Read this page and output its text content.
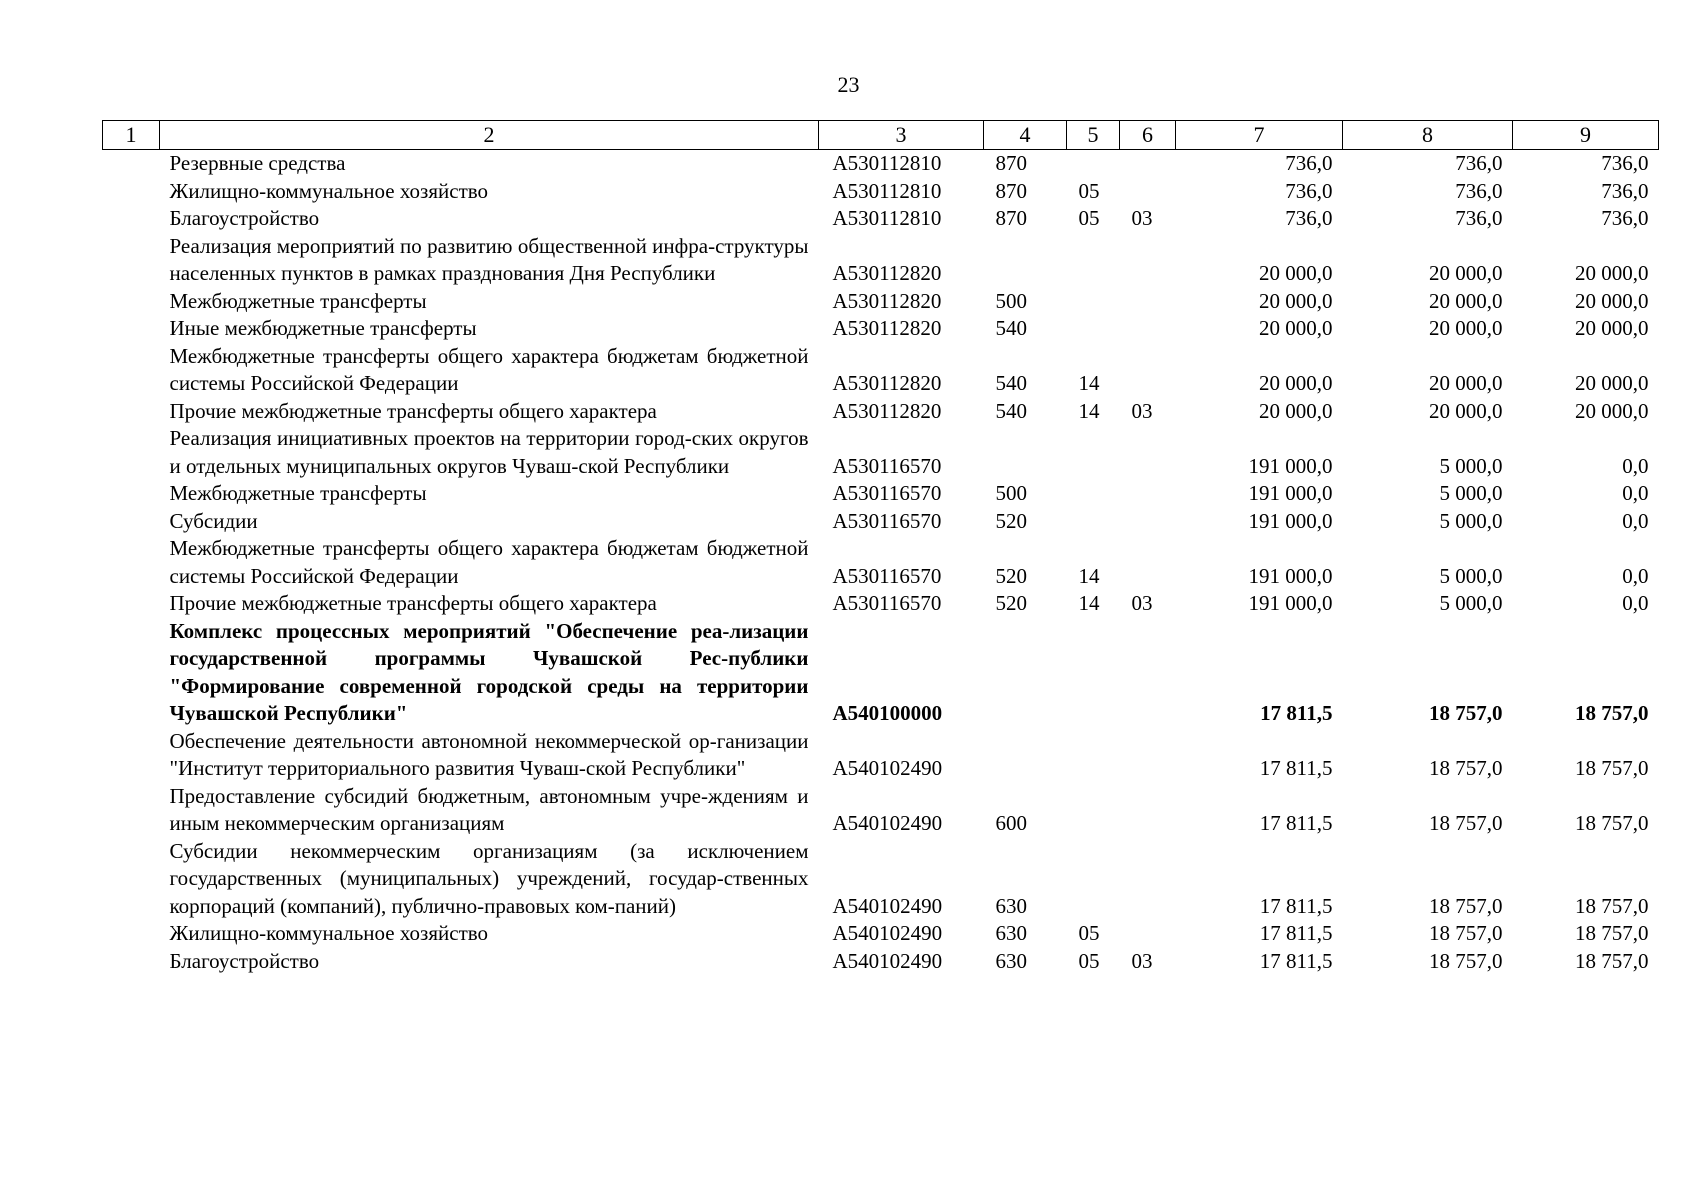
23
1	2	3	4	5	6	7	8	9
	Резервные средства	А530112810	870			736,0	736,0	736,0
	Жилищно-коммунальное хозяйство	А530112810	870	05		736,0	736,0	736,0
	Благоустройство	А530112810	870	05	03	736,0	736,0	736,0
	Реализация мероприятий по развитию общественной инфра-структуры населенных пунктов в рамках празднования Дня Республики	А530112820				20 000,0	20 000,0	20 000,0
	Межбюджетные трансферты	А530112820	500			20 000,0	20 000,0	20 000,0
	Иные межбюджетные трансферты	А530112820	540			20 000,0	20 000,0	20 000,0
	Межбюджетные трансферты общего характера бюджетам бюджетной системы Российской Федерации	А530112820	540	14		20 000,0	20 000,0	20 000,0
	Прочие межбюджетные трансферты общего характера	А530112820	540	14	03	20 000,0	20 000,0	20 000,0
	Реализация инициативных проектов на территории город-ских округов и отдельных муниципальных округов Чуваш-ской Республики	А530116570				191 000,0	5 000,0	0,0
	Межбюджетные трансферты	А530116570	500			191 000,0	5 000,0	0,0
	Субсидии	А530116570	520			191 000,0	5 000,0	0,0
	Межбюджетные трансферты общего характера бюджетам бюджетной системы Российской Федерации	А530116570	520	14		191 000,0	5 000,0	0,0
	Прочие межбюджетные трансферты общего характера	А530116570	520	14	03	191 000,0	5 000,0	0,0
	Комплекс процессных мероприятий "Обеспечение реа-лизации государственной программы Чувашской Рес-публики "Формирование современной городской среды на территории Чувашской Республики"	А540100000				17 811,5	18 757,0	18 757,0
	Обеспечение деятельности автономной некоммерческой ор-ганизации "Институт территориального развития Чуваш-ской Республики"	А540102490				17 811,5	18 757,0	18 757,0
	Предоставление субсидий бюджетным, автономным учре-ждениям и иным некоммерческим организациям	А540102490	600			17 811,5	18 757,0	18 757,0
	Субсидии некоммерческим организациям (за исключением государственных (муниципальных) учреждений, государ-ственных корпораций (компаний), публично-правовых ком-паний)	А540102490	630			17 811,5	18 757,0	18 757,0
	Жилищно-коммунальное хозяйство	А540102490	630	05		17 811,5	18 757,0	18 757,0
	Благоустройство	А540102490	630	05	03	17 811,5	18 757,0	18 757,0
